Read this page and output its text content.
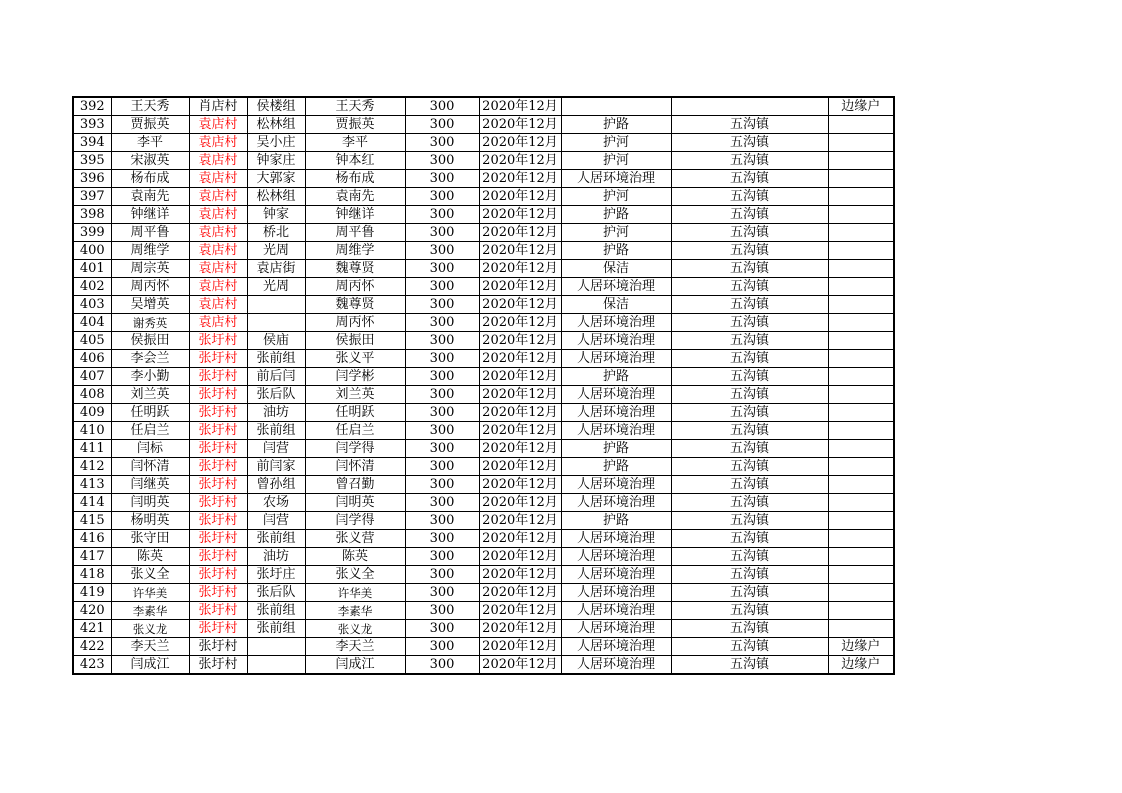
392	王天秀	肖店村	侯楼组	王天秀	300	2020年12月			边缘户
393	贾振英	袁店村	松林组	贾振英	300	2020年12月	护路	五沟镇	
394	李平	袁店村	吴小庄	李平	300	2020年12月	护河	五沟镇	
395	宋淑英	袁店村	钟家庄	钟本红	300	2020年12月	护河	五沟镇	
396	杨布成	袁店村	大郭家	杨布成	300	2020年12月	人居环境治理	五沟镇	
397	袁南先	袁店村	松林组	袁南先	300	2020年12月	护河	五沟镇	
398	钟继详	袁店村	钟家	钟继详	300	2020年12月	护路	五沟镇	
399	周平鲁	袁店村	桥北	周平鲁	300	2020年12月	护河	五沟镇	
400	周维学	袁店村	光周	周维学	300	2020年12月	护路	五沟镇	
401	周宗英	袁店村	袁店街	魏尊贤	300	2020年12月	保洁	五沟镇	
402	周丙怀	袁店村	光周	周丙怀	300	2020年12月	人居环境治理	五沟镇	
403	吴增英	袁店村		魏尊贤	300	2020年12月	保洁	五沟镇	
404	谢秀英	袁店村		周丙怀	300	2020年12月	人居环境治理	五沟镇	
405	侯振田	张圩村	侯庙	侯振田	300	2020年12月	人居环境治理	五沟镇	
406	李会兰	张圩村	张前组	张义平	300	2020年12月	人居环境治理	五沟镇	
407	李小勤	张圩村	前后闫	闫学彬	300	2020年12月	护路	五沟镇	
408	刘兰英	张圩村	张后队	刘兰英	300	2020年12月	人居环境治理	五沟镇	
409	任明跃	张圩村	油坊	任明跃	300	2020年12月	人居环境治理	五沟镇	
410	任启兰	张圩村	张前组	任启兰	300	2020年12月	人居环境治理	五沟镇	
411	闫标	张圩村	闫营	闫学得	300	2020年12月	护路	五沟镇	
412	闫怀清	张圩村	前闫家	闫怀清	300	2020年12月	护路	五沟镇	
413	闫继英	张圩村	曾孙组	曾召勤	300	2020年12月	人居环境治理	五沟镇	
414	闫明英	张圩村	农场	闫明英	300	2020年12月	人居环境治理	五沟镇	
415	杨明英	张圩村	闫营	闫学得	300	2020年12月	护路	五沟镇	
416	张守田	张圩村	张前组	张义营	300	2020年12月	人居环境治理	五沟镇	
417	陈英	张圩村	油坊	陈英	300	2020年12月	人居环境治理	五沟镇	
418	张义全	张圩村	张圩庄	张义全	300	2020年12月	人居环境治理	五沟镇	
419	许华美	张圩村	张后队	许华美	300	2020年12月	人居环境治理	五沟镇	
420	李素华	张圩村	张前组	李素华	300	2020年12月	人居环境治理	五沟镇	
421	张义龙	张圩村	张前组	张义龙	300	2020年12月	人居环境治理	五沟镇	
422	李天兰	张圩村		李天兰	300	2020年12月	人居环境治理	五沟镇	边缘户
423	闫成江	张圩村		闫成江	300	2020年12月	人居环境治理	五沟镇	边缘户
